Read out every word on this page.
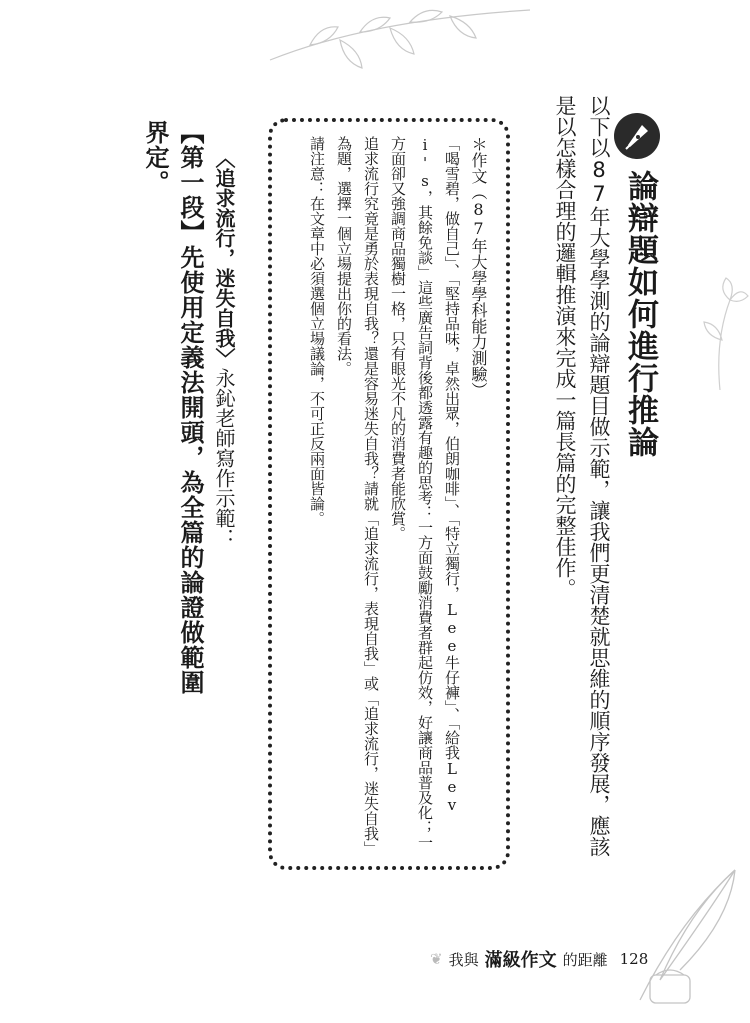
論辯題如何進行推論

以下以87年大學學測的論辯題目做示範，讓我們更清楚就思維的順序發展，應該是以怎樣合理的邏輯推演來完成一篇長篇的完整佳作。

＊作文（87年大學學科能力測驗）

「喝雪碧，做自己」、「堅持品味，卓然出眾，伯朗咖啡」、「特立獨行，Lee牛仔褲」、「給我Levi's，其餘免談」這些廣告詞背後都透露有趣的思考：一方面鼓勵消費者群起仿效，好讓商品普及化；一方面卻又強調商品獨樹一格，只有眼光不凡的消費者能欣賞。

追求流行究竟是勇於表現自我？還是容易迷失自我？請就「追求流行，表現自我」或「追求流行，迷失自我」為題，選擇一個立場提出你的看法。

請注意：在文章中必須選個立場議論，不可正反兩面皆論。

〈追求流行，迷失自我〉永鈊老師寫作示範：
【第一段】先使用定義法開頭，為全篇的論證做範圍界定。
❦ 我與 滿級作文 的距離 128
